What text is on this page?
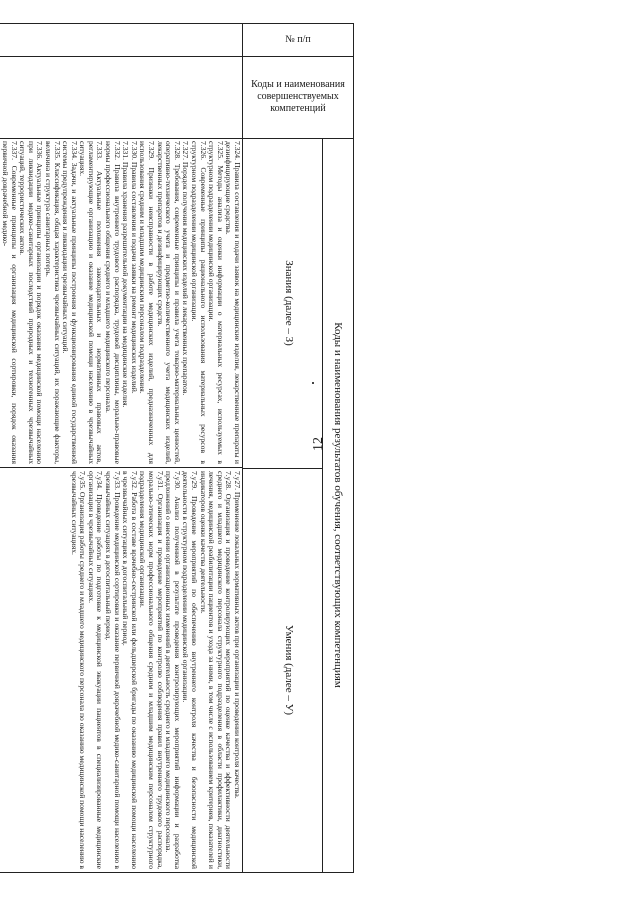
12
№ п/п
Коды и наименования совершенствуемых компетенций
Коды и наименования результатов обучения, соответствующих компетенциям
Знания (далее – З)
Умения (далее – У)
7.324. Правила составления и подачи заявок на медицинские изделия, лекарственные препараты и дезинфицирующие средства.
7.325. Методы анализа и оценки информации о материальных ресурсах, используемых в структурном подразделении медицинской организации.
7.326. Современные принципы рационального использования материальных ресурсов в структурном подразделении медицинской организации.
7.327. Порядок получения медицинских изделий и лекарственных препаратов.
7.328. Требования, современные принципы и правила учета товарно-материальных ценностей, оперативно-технического учета и предметно-количественного учета медицинских изделий, лекарственных препаратов и дезинфицирующих средств.
7.329. Признаки неисправности в работе медицинских изделий, предназначенных для использования средним и младшим медицинским персоналом подразделения.
7.330. Правила составления и подачи заявки на ремонт медицинских изделий.
7.331. Правила хранения разрешительной документации на медицинские изделия.
7.332. Правила внутреннего трудового распорядка, трудовой дисциплины, морально-правовые нормы профессионального общения среднего и младшего медицинского персонала.
7.333. Актуальные положения законодательных и нормативных правовых актов, регламентирующие организацию и оказание медицинской помощи населению в чрезвычайных ситуациях.
7.334. Задачи, и актуальные принципы построения и функционирования единой государственной системы предупреждения и ликвидации чрезвычайных ситуаций.
7.335. Классификация, общая характеристика чрезвычайных ситуаций, их поражающие факторы, величина и структура санитарных потерь.
7.336. Актуальные принципы организации и порядок оказания медицинской помощи населению при ликвидации медико-санитарных последствий природных и техногенных чрезвычайных ситуаций, террористических актов.
7.337. Современные принципы и организация медицинской сортировки, порядок оказания первичной доврачебной медико-
7.у27. Применение локальных нормативных актов при организации и проведении контроля качества.
7.у28. Организация и проведение контролирующих мероприятий по оценке качества и эффективности деятельности среднего и младшего медицинского персонала структурного подразделения в области профилактики, диагностики, лечения, медицинской реабилитации пациентов и ухода за ними, в том числе с использованием критериев, показателей и индикаторов оценки качества деятельности.
7.у29. Проведение мероприятий по обеспечению внутреннего контроля качества и безопасности медицинской деятельности в структурном подразделении медицинской организации.
7.у30. Анализ полученной в результате проведения контролирующих мероприятий информации и разработка предложений о внесении организационных изменений в деятельность среднего и младшего медицинского персонала.
7.у31. Организация и проведение мероприятий по контролю соблюдения правил внутреннего трудового распорядка, морально-этических норм профессионального общения средним и младшим медицинским персоналом структурного подразделения медицинской организации.
7.у32. Работа в составе врачебно-сестринской или фельдшерской бригады по оказанию медицинской помощи населению в чрезвычайных ситуациях в догоспитальный период.
7.у33. Проведение медицинской сортировки и оказание первичной доврачебной медико-санитарной помощи населению в чрезвычайных ситуациях в догоспитальный период.
7.у34. Проведение работы по подготовке к медицинской эвакуации пациентов в специализированные медицинские организации в чрезвычайных ситуациях.
7.у35. Организация работы среднего и младшего медицинского персонала по оказанию медицинской помощи населению в чрезвычайных ситуациях.
